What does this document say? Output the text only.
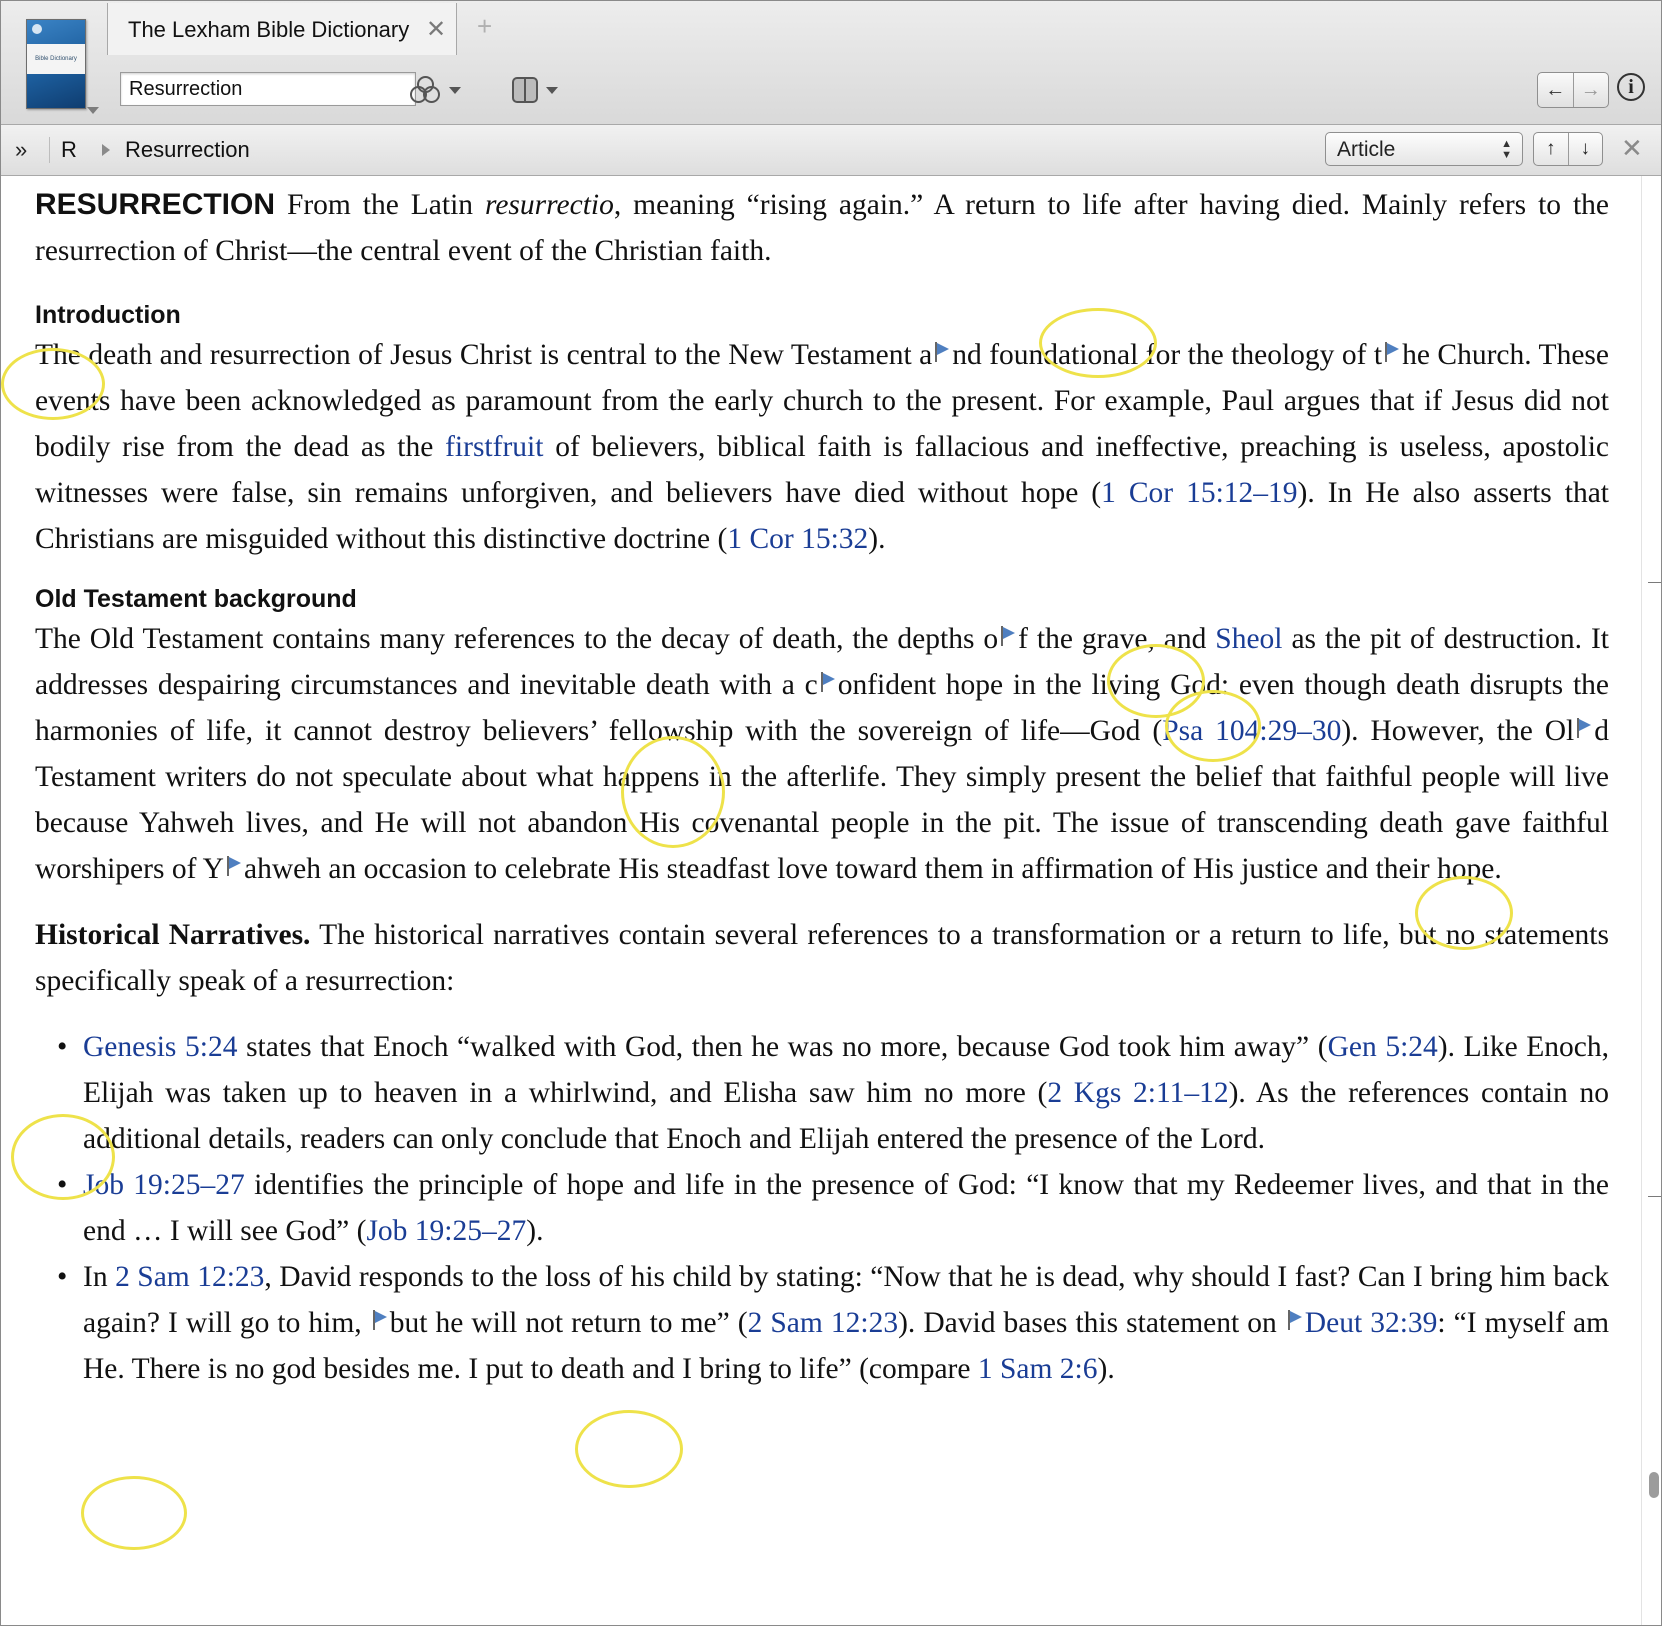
Bible Dictionary
The Lexham Bible Dictionary ✕ +
Resurrection
← →	i
» R Resurrection	Article	▲
▼	↑	↓	✕

RESURRECTION From the Latin resurrectio, meaning “rising again.” A return to life after having died. Mainly refers to the resurrection of Christ—the central event of the Christian faith.

Introduction

The death and resurrection of Jesus Christ is central to the New Testament a nd foundational for the theology of t he Church. These events have been acknowledged as paramount from the early church to the present. For example, Paul argues that if Jesus did not bodily rise from the dead as the firstfruit of believers, biblical faith is fallacious and ineffective, preaching is useless, apostolic witnesses were false, sin remains unforgiven, and believers have died without hope (1 Cor 15:12–19). In He also asserts that Christians are misguided without this distinctive doctrine (1 Cor 15:32).

Old Testament background

The Old Testament contains many references to the decay of death, the depths o f the grave, and Sheol as the pit of destruction. It addresses despairing circumstances and inevitable death with a c onfident hope in the living God: even though death disrupts the harmonies of life, it cannot destroy believers’ fellowship with the sovereign of life—God (Psa 104:29–30). However, the Ol d Testament writers do not speculate about what happens in the afterlife. They simply present the belief that faithful people will live because Yahweh lives, and He will not abandon His covenantal people in the pit. The issue of transcending death gave faithful worshipers of Y ahweh an occasion to celebrate His steadfast love toward them in affirmation of His justice and their hope.

Historical Narratives. The historical narratives contain several references to a transformation or a return to life, but no statements specifically speak of a resurrection:

• Genesis 5:24 states that Enoch “walked with God, then he was no more, because God took him away” (Gen 5:24). Like Enoch, Elijah was taken up to heaven in a whirlwind, and Elisha saw him no more (2 Kgs 2:11–12). As the references contain no additional details, readers can only conclude that Enoch and Elijah entered the presence of the Lord.
• Job 19:25–27 identifies the principle of hope and life in the presence of God: “I know that my Redeemer lives, and that in the end … I will see God” (Job 19:25–27).
• In 2 Sam 12:23, David responds to the loss of his child by stating: “Now that he is dead, why should I fast? Can I bring him back again? I will go to him, but he will not return to me” (2 Sam 12:23). David bases this statement on Deut 32:39: “I myself am He. There is no god besides me. I put to death and I bring to life” (compare 1 Sam 2:6).
